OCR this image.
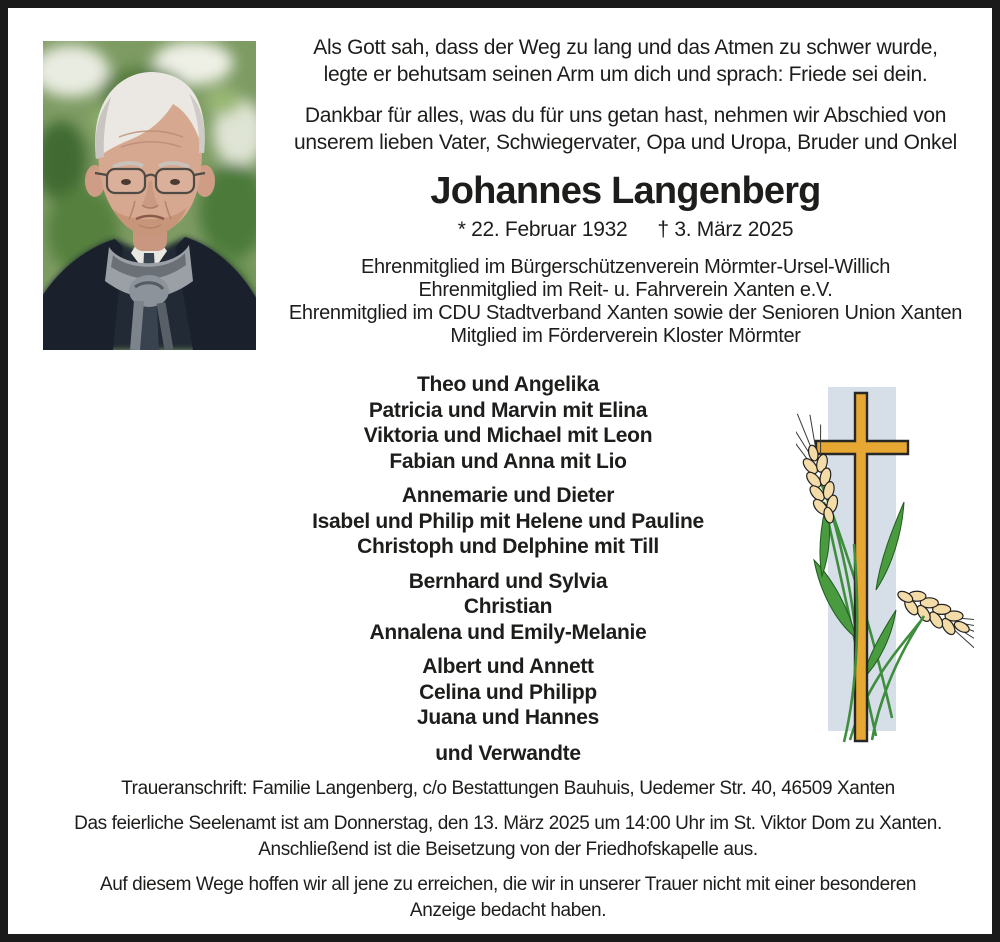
Als Gott sah, dass der Weg zu lang und das Atmen zu schwer wurde,
legte er behutsam seinen Arm um dich und sprach: Friede sei dein.
Dankbar für alles, was du für uns getan hast, nehmen wir Abschied von
unserem lieben Vater, Schwiegervater, Opa und Uropa, Bruder und Onkel
Johannes Langenberg
* 22. Februar 1932 † 3. März 2025
Ehrenmitglied im Bürgerschützenverein Mörmter-Ursel-Willich
Ehrenmitglied im Reit- u. Fahrverein Xanten e.V.
Ehrenmitglied im CDU Stadtverband Xanten sowie der Senioren Union Xanten
Mitglied im Förderverein Kloster Mörmter
Theo und Angelika
Patricia und Marvin mit Elina
Viktoria und Michael mit Leon
Fabian und Anna mit Lio
Annemarie und Dieter
Isabel und Philip mit Helene und Pauline
Christoph und Delphine mit Till
Bernhard und Sylvia
Christian
Annalena und Emily-Melanie
Albert und Annett
Celina und Philipp
Juana und Hannes
und Verwandte
Traueranschrift: Familie Langenberg, c/o Bestattungen Bauhuis, Uedemer Str. 40, 46509 Xanten
Das feierliche Seelenamt ist am Donnerstag, den 13. März 2025 um 14:00 Uhr im St. Viktor Dom zu Xanten.
Anschließend ist die Beisetzung von der Friedhofskapelle aus.
Auf diesem Wege hoffen wir all jene zu erreichen, die wir in unserer Trauer nicht mit einer besonderen
Anzeige bedacht haben.
